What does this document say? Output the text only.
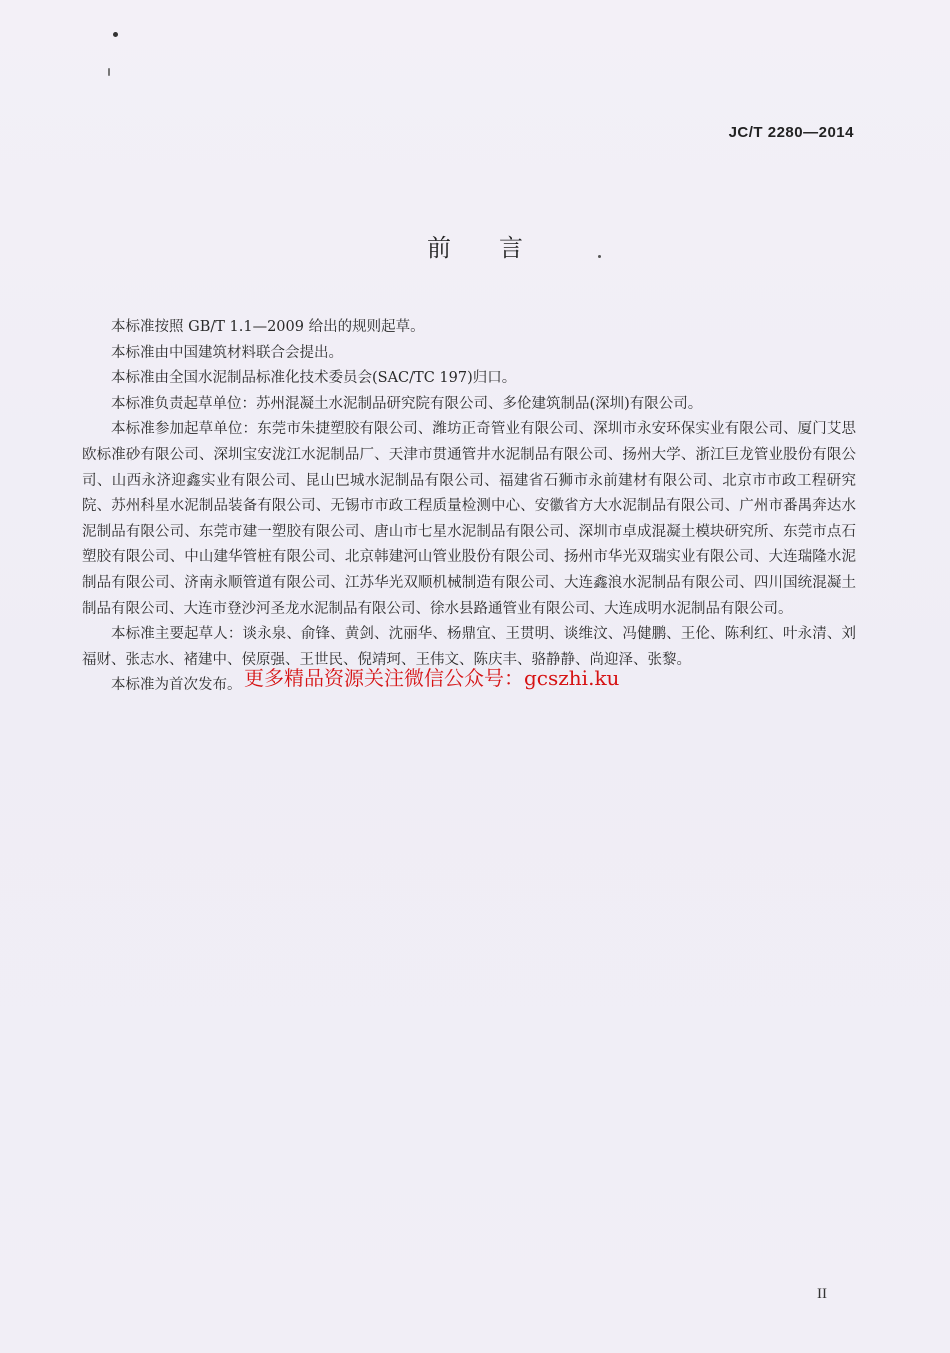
JC/T 2280—2014
前言

本标准按照 GB/T 1.1—2009 给出的规则起草。

本标准由中国建筑材料联合会提出。

本标准由全国水泥制品标准化技术委员会(SAC/TC 197)归口。

本标准负责起草单位：苏州混凝土水泥制品研究院有限公司、多伦建筑制品(深圳)有限公司。

本标准参加起草单位：东莞市朱捷塑胶有限公司、潍坊正奇管业有限公司、深圳市永安环保实业有限公司、厦门艾思欧标准砂有限公司、深圳宝安泷江水泥制品厂、天津市贯通管井水泥制品有限公司、扬州大学、浙江巨龙管业股份有限公司、山西永济迎鑫实业有限公司、昆山巴城水泥制品有限公司、福建省石狮市永前建材有限公司、北京市市政工程研究院、苏州科星水泥制品装备有限公司、无锡市市政工程质量检测中心、安徽省方大水泥制品有限公司、广州市番禺奔达水泥制品有限公司、东莞市建一塑胶有限公司、唐山市七星水泥制品有限公司、深圳市卓成混凝土模块研究所、东莞市点石塑胶有限公司、中山建华管桩有限公司、北京韩建河山管业股份有限公司、扬州市华光双瑞实业有限公司、大连瑞隆水泥制品有限公司、济南永顺管道有限公司、江苏华光双顺机械制造有限公司、大连鑫浪水泥制品有限公司、四川国统混凝土制品有限公司、大连市登沙河圣龙水泥制品有限公司、徐水县路通管业有限公司、大连成明水泥制品有限公司。

本标准主要起草人：谈永泉、俞锋、黄剑、沈丽华、杨鼎宜、王贯明、谈维汶、冯健鹏、王伦、陈利红、叶永清、刘福财、张志水、褚建中、侯原强、王世民、倪靖珂、王伟文、陈庆丰、骆静静、尚迎泽、张黎。

本标准为首次发布。 更多精品资源关注微信公众号：gcszhi.ku
II
